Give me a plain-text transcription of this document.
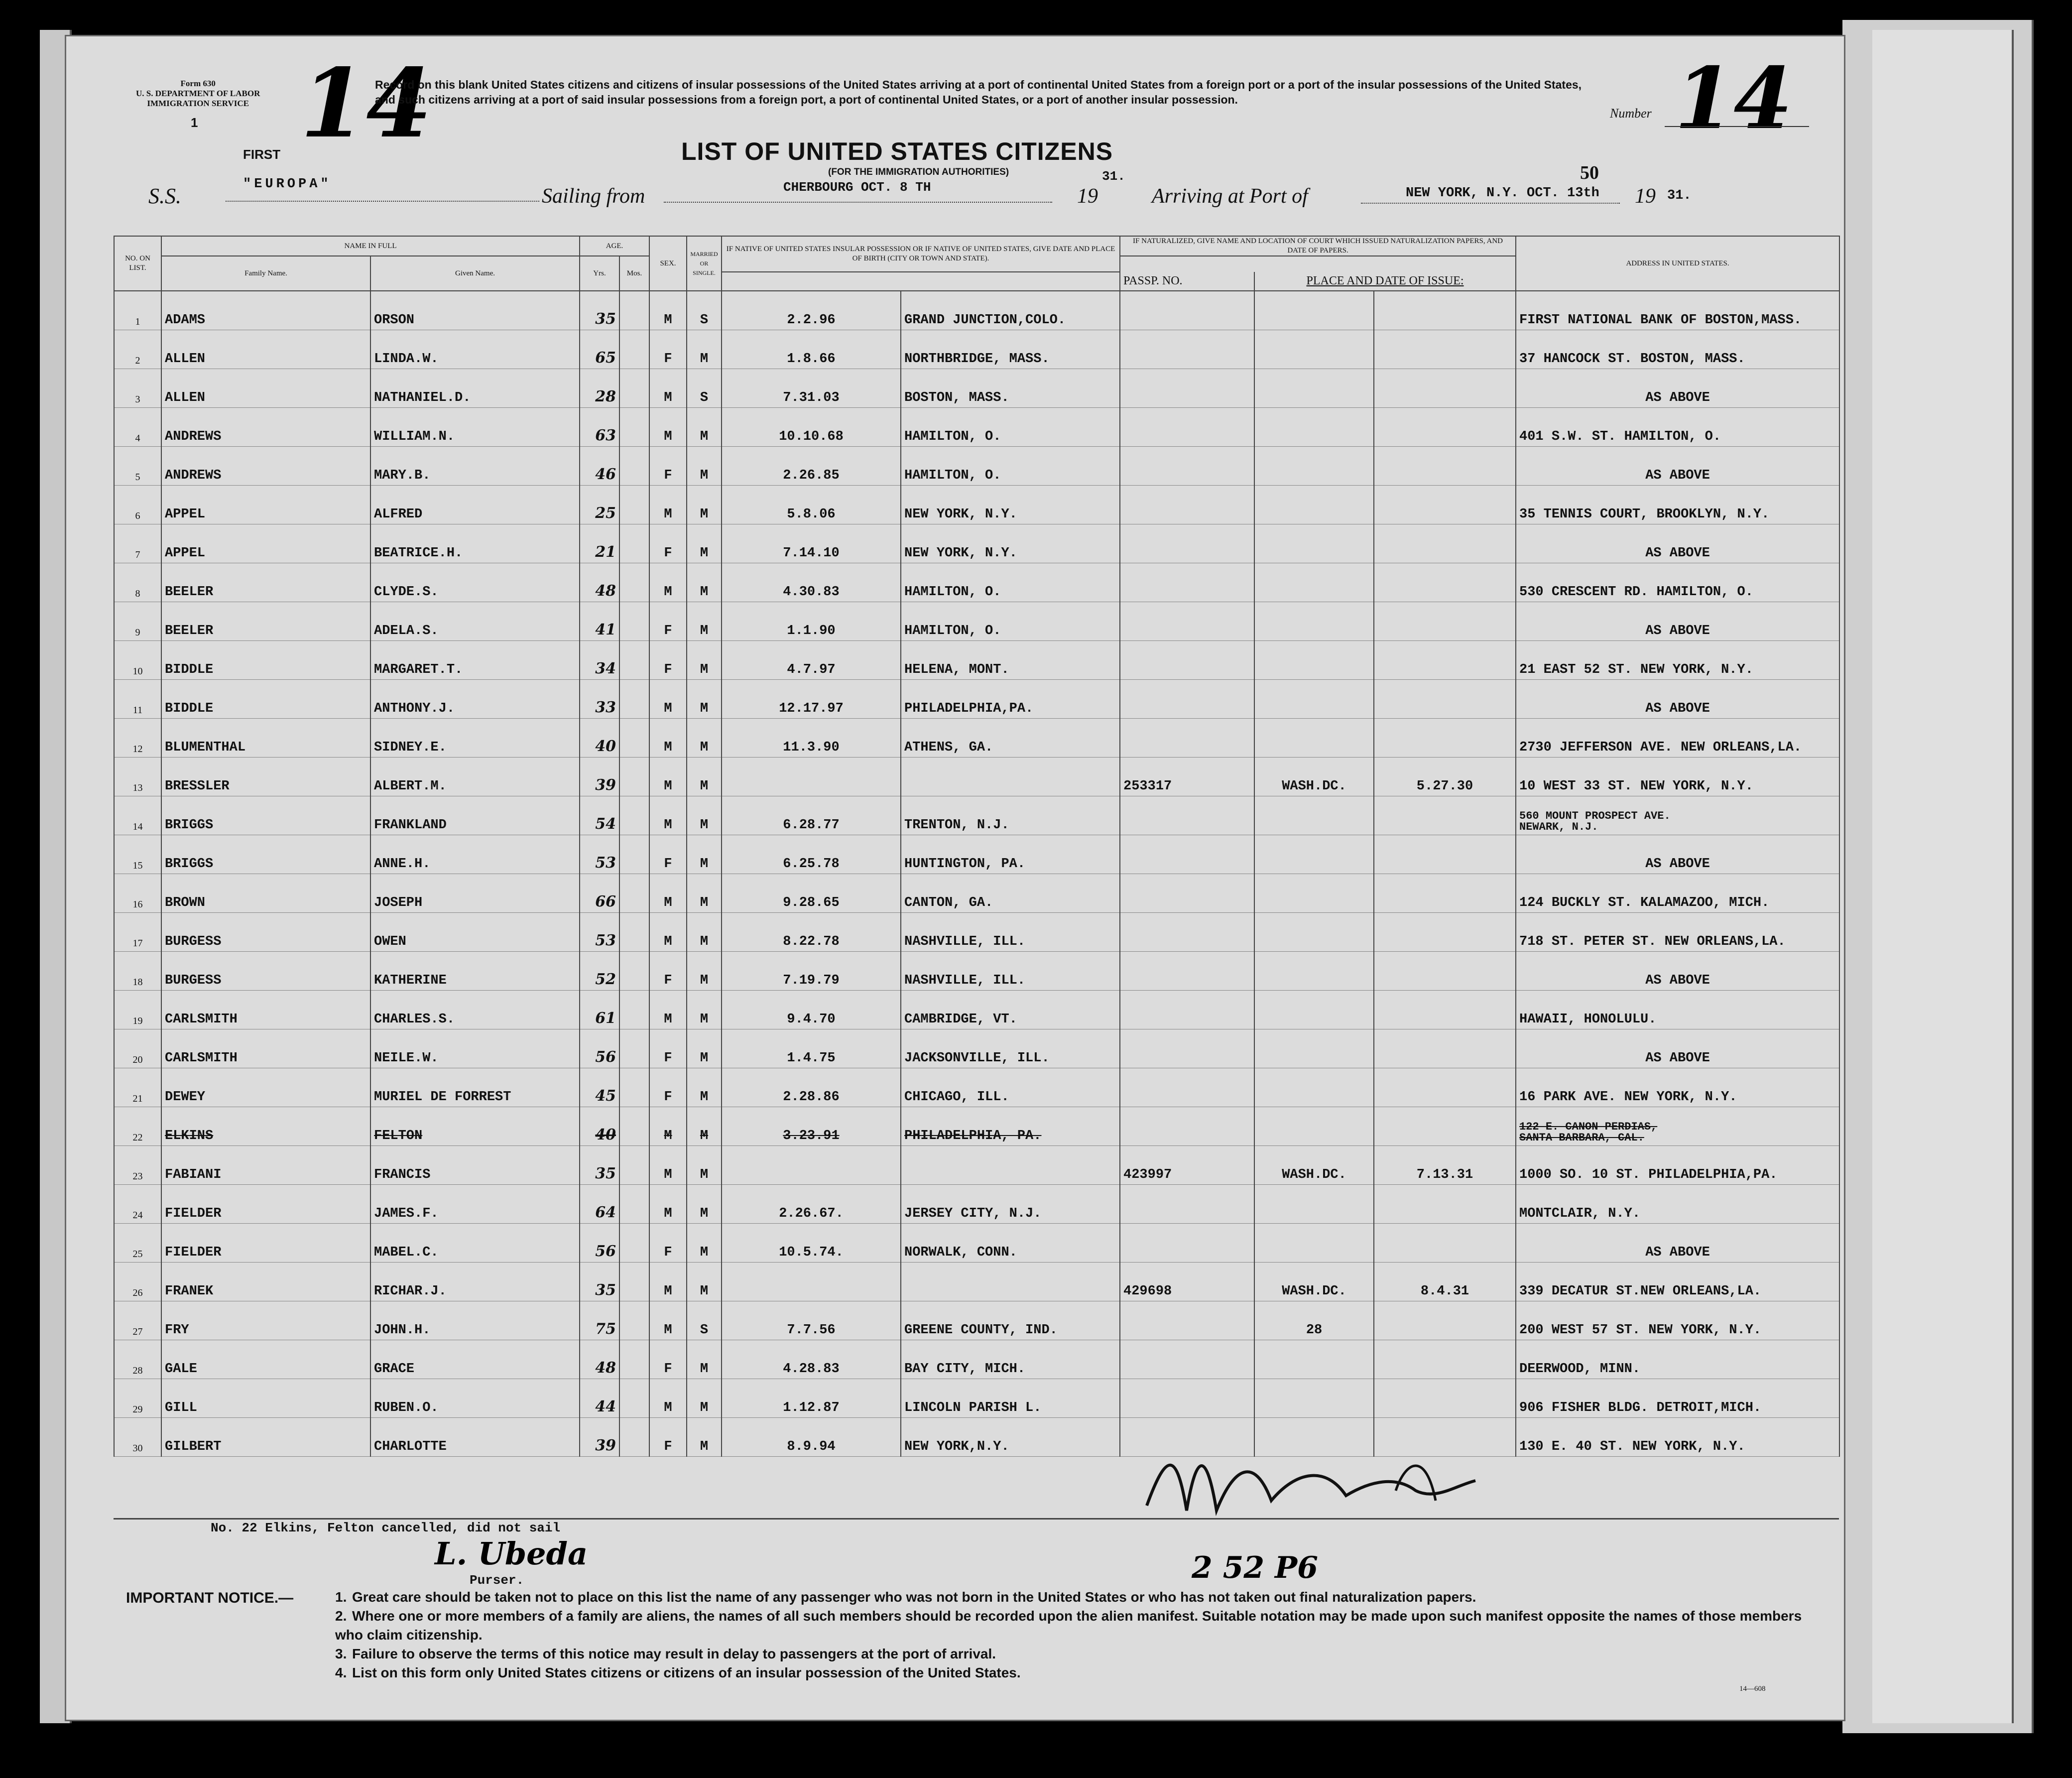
Form 630
U. S. DEPARTMENT OF LABOR
IMMIGRATION SERVICE
1 14
Record on this blank United States citizens and citizens of insular possessions of the United States arriving at a port of continental United States from a foreign port or a port of the insular possessions of the United States, and such citizens arriving at a port of said insular possessions from a foreign port, a port of continental United States, or a port of another insular possession.
Number 14
FIRST	LIST OF UNITED STATES CITIZENS
(FOR THE IMMIGRATION AUTHORITIES)	50
S.S.	"EUROPA"
Sailing from	CHERBOURG OCT. 8 TH
31.
19	Arriving at Port of	NEW YORK, N.Y. OCT. 13th 19 31.
NO. ON LIST.	NAME IN FULL		AGE.		SEX.	MARRIED OR SINGLE.	IF NATIVE OF UNITED STATES INSULAR POSSESSION OR IF NATIVE OF UNITED STATES, GIVE DATE AND PLACE OF BIRTH (CITY OR TOWN AND STATE).		IF NATURALIZED, GIVE NAME AND LOCATION OF COURT WHICH ISSUED NATURALIZATION PAPERS, AND DATE OF PAPERS.			ADDRESS IN UNITED STATES.
	Family Name.	Given Name.	Yrs.	Mos.								
									PASSP. NO.	PLACE AND DATE OF ISSUE:		
1	ADAMS	ORSON	35		M	S	2.2.96	GRAND JUNCTION,COLO.				FIRST NATIONAL BANK OF BOSTON,MASS.
2	ALLEN	LINDA.W.	65		F	M	1.8.66	NORTHBRIDGE, MASS.				37 HANCOCK ST. BOSTON, MASS.
3	ALLEN	NATHANIEL.D.	28		M	S	7.31.03	BOSTON, MASS.				AS ABOVE
4	ANDREWS	WILLIAM.N.	63		M	M	10.10.68	HAMILTON, O.				401 S.W. ST. HAMILTON, O.
5	ANDREWS	MARY.B.	46		F	M	2.26.85	HAMILTON, O.				AS ABOVE
6	APPEL	ALFRED	25		M	M	5.8.06	NEW YORK, N.Y.				35 TENNIS COURT, BROOKLYN, N.Y.
7	APPEL	BEATRICE.H.	21		F	M	7.14.10	NEW YORK, N.Y.				AS ABOVE
8	BEELER	CLYDE.S.	48		M	M	4.30.83	HAMILTON, O.				530 CRESCENT RD. HAMILTON, O.
9	BEELER	ADELA.S.	41		F	M	1.1.90	HAMILTON, O.				AS ABOVE
10	BIDDLE	MARGARET.T.	34		F	M	4.7.97	HELENA, MONT.				21 EAST 52 ST. NEW YORK, N.Y.
11	BIDDLE	ANTHONY.J.	33		M	M	12.17.97	PHILADELPHIA,PA.				AS ABOVE
12	BLUMENTHAL	SIDNEY.E.	40		M	M	11.3.90	ATHENS, GA.				2730 JEFFERSON AVE. NEW ORLEANS,LA.
13	BRESSLER	ALBERT.M.	39		M	M			253317	WASH.DC.	5.27.30	10 WEST 33 ST. NEW YORK, N.Y.
14	BRIGGS	FRANKLAND	54		M	M	6.28.77	TRENTON, N.J.				560 MOUNT PROSPECT AVE.
NEWARK, N.J.

15	BRIGGS	ANNE.H.	53		F	M	6.25.78	HUNTINGTON, PA.				AS ABOVE
16	BROWN	JOSEPH	66		M	M	9.28.65	CANTON, GA.				124 BUCKLY ST. KALAMAZOO, MICH.
17	BURGESS	OWEN	53		M	M	8.22.78	NASHVILLE, ILL.				718 ST. PETER ST. NEW ORLEANS,LA.
18	BURGESS	KATHERINE	52		F	M	7.19.79	NASHVILLE, ILL.				AS ABOVE
19	CARLSMITH	CHARLES.S.	61		M	M	9.4.70	CAMBRIDGE, VT.				HAWAII, HONOLULU.
20	CARLSMITH	NEILE.W.	56		F	M	1.4.75	JACKSONVILLE, ILL.				AS ABOVE
21	DEWEY	MURIEL DE FORREST	45		F	M	2.28.86	CHICAGO, ILL.				16 PARK AVE. NEW YORK, N.Y.
22	ELKINS	FELTON	40		M	M	3.23.91	PHILADELPHIA, PA.				122 E. CANON PERDIAS,
SANTA BARBARA, CAL.

23	FABIANI	FRANCIS	35		M	M			423997	WASH.DC.	7.13.31	1000 SO. 10 ST. PHILADELPHIA,PA.
24	FIELDER	JAMES.F.	64		M	M	2.26.67.	JERSEY CITY, N.J.				MONTCLAIR, N.Y.
25	FIELDER	MABEL.C.	56		F	M	10.5.74.	NORWALK, CONN.				AS ABOVE
26	FRANEK	RICHAR.J.	35		M	M			429698	WASH.DC.	8.4.31	339 DECATUR ST.NEW ORLEANS,LA.
27	FRY	JOHN.H.	75		M	S	7.7.56	GREENE COUNTY, IND.		28		200 WEST 57 ST. NEW YORK, N.Y.
28	GALE	GRACE	48		F	M	4.28.83	BAY CITY, MICH.				DEERWOOD, MINN.
29	GILL	RUBEN.O.	44		M	M	1.12.87	LINCOLN PARISH L.				906 FISHER BLDG. DETROIT,MICH.
30	GILBERT	CHARLOTTE	39		F	M	8.9.94	NEW YORK,N.Y.				130 E. 40 ST. NEW YORK, N.Y.
No. 22 Elkins, Felton cancelled, did not sail
L. Ubeda
Purser.	2 52 P6
IMPORTANT NOTICE.—	1. Great care should be taken not to place on this list the name of any passenger who was not born in the United States or who has not taken out final naturalization papers.
2. Where one or more members of a family are aliens, the names of all such members should be recorded upon the alien manifest. Suitable notation may be made upon such manifest opposite the names of those members who claim citizenship.
3. Failure to observe the terms of this notice may result in delay to passengers at the port of arrival.
4. List on this form only United States citizens or citizens of an insular possession of the United States.
14—608
